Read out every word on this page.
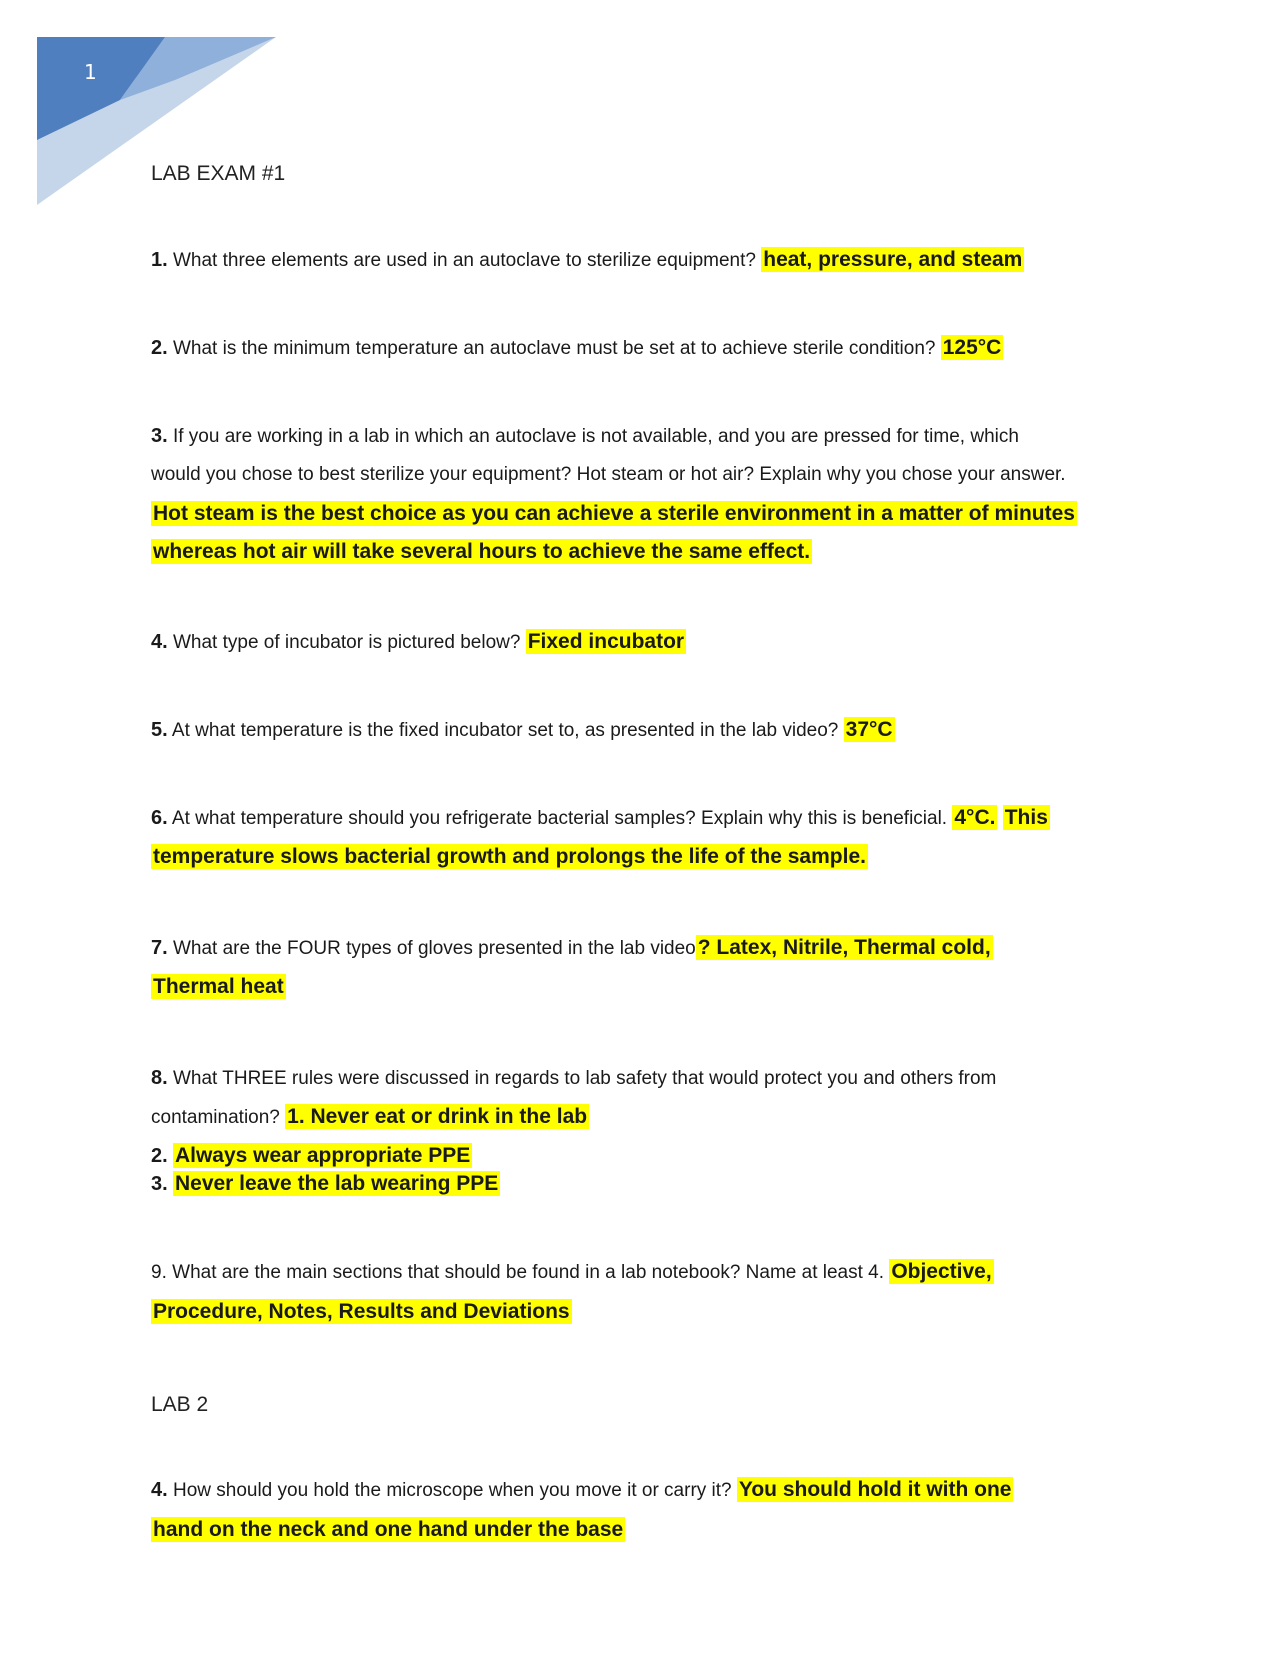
1
LAB EXAM #1
1. What three elements are used in an autoclave to sterilize equipment? heat, pressure, and steam
2. What is the minimum temperature an autoclave must be set at to achieve sterile condition? 125°C
3. If you are working in a lab in which an autoclave is not available, and you are pressed for time, which
would you chose to best sterilize your equipment? Hot steam or hot air? Explain why you chose your answer.
Hot steam is the best choice as you can achieve a sterile environment in a matter of minutes
whereas hot air will take several hours to achieve the same effect.
4. What type of incubator is pictured below? Fixed incubator
5. At what temperature is the fixed incubator set to, as presented in the lab video? 37°C
6. At what temperature should you refrigerate bacterial samples? Explain why this is beneficial. 4°C. This
temperature slows bacterial growth and prolongs the life of the sample.
7. What are the FOUR types of gloves presented in the lab video? Latex, Nitrile, Thermal cold,
Thermal heat
8. What THREE rules were discussed in regards to lab safety that would protect you and others from
contamination? 1. Never eat or drink in the lab
2. Always wear appropriate PPE
3. Never leave the lab wearing PPE
9. What are the main sections that should be found in a lab notebook? Name at least 4. Objective,
Procedure, Notes, Results and Deviations
LAB 2
4. How should you hold the microscope when you move it or carry it? You should hold it with one
hand on the neck and one hand under the base
